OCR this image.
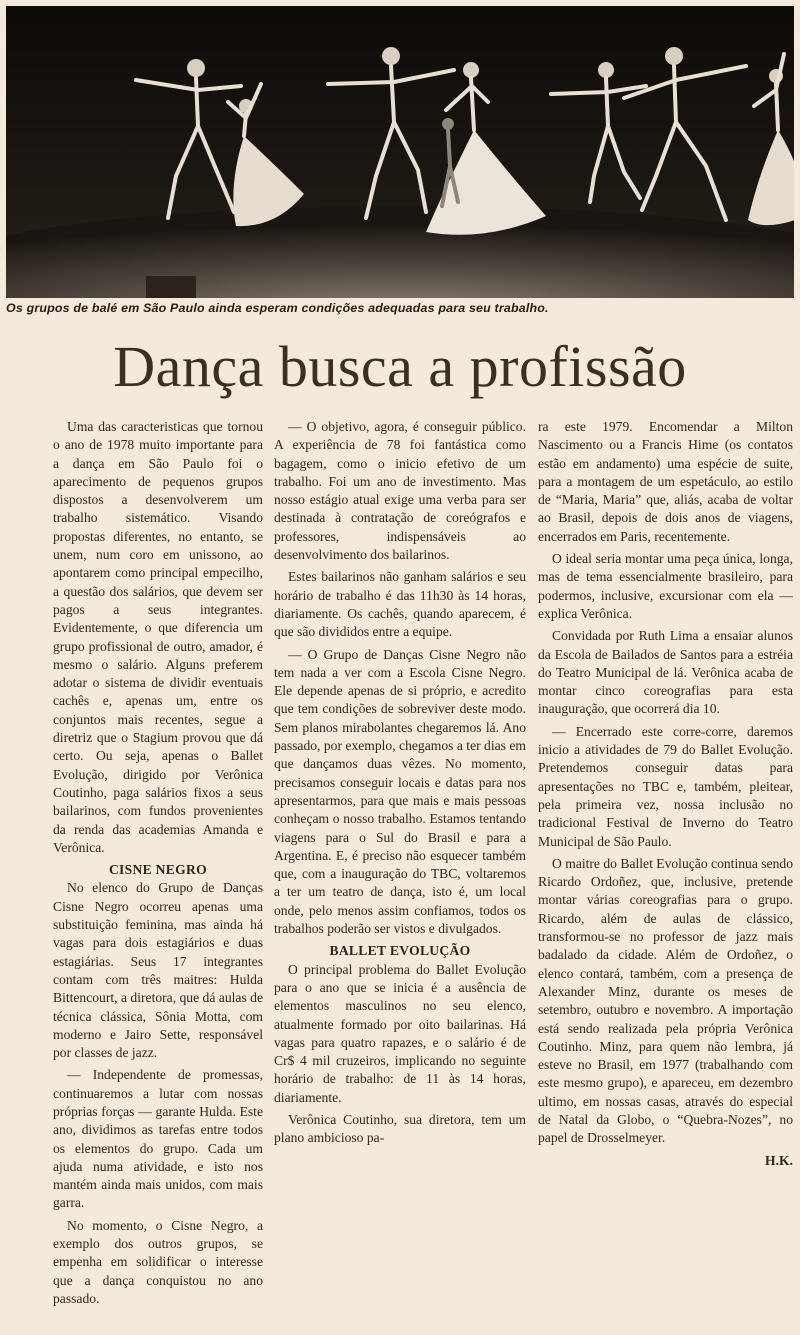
Os grupos de balé em São Paulo ainda esperam condições adequadas para seu trabalho.
Dança busca a profissão

Uma das caracteristicas que tornou o ano de 1978 muito importante para a dança em São Paulo foi o aparecimento de pequenos grupos dispostos a desenvolverem um trabalho sistemático. Visando propostas diferentes, no entanto, se unem, num coro em unissono, ao apontarem como principal empecilho, a questão dos salários, que devem ser pagos a seus integrantes. Evidentemente, o que diferencia um grupo profissional de outro, amador, é mesmo o salário. Alguns preferem adotar o sistema de dividir eventuais cachês e, apenas um, entre os conjuntos mais recentes, segue a diretriz que o Stagium provou que dá certo. Ou seja, apenas o Ballet Evolução, dirigido por Verônica Coutinho, paga salários fixos a seus bailarinos, com fundos provenientes da renda das academias Amanda e Verônica.

CISNE NEGRO

No elenco do Grupo de Danças Cisne Negro ocorreu apenas uma substituição feminina, mas ainda há vagas para dois estagiários e duas estagiárias. Seus 17 integrantes contam com três maitres: Hulda Bittencourt, a diretora, que dá aulas de técnica clássica, Sônia Motta, com moderno e Jairo Sette, responsável por classes de jazz.

— Independente de promessas, continuaremos a lutar com nossas próprias forças — garante Hulda. Este ano, dividimos as tarefas entre todos os elementos do grupo. Cada um ajuda numa atividade, e isto nos mantém ainda mais unidos, com mais garra.

No momento, o Cisne Negro, a exemplo dos outros grupos, se empenha em solidificar o interesse que a dança conquistou no ano passado.

— O objetivo, agora, é conseguir público. A experiência de 78 foi fantástica como bagagem, como o inicio efetivo de um trabalho. Foi um ano de investimento. Mas nosso estágio atual exige uma verba para ser destinada à contratação de coreógrafos e professores, indispensáveis ao desenvolvimento dos bailarinos.

Estes bailarinos não ganham salários e seu horário de trabalho é das 11h30 às 14 horas, diariamente. Os cachês, quando aparecem, é que são divididos entre a equipe.

— O Grupo de Danças Cisne Negro não tem nada a ver com a Escola Cisne Negro. Ele depende apenas de si próprio, e acredito que tem condições de sobreviver deste modo. Sem planos mirabolantes chegaremos lá. Ano passado, por exemplo, chegamos a ter dias em que dançamos duas vêzes. No momento, precisamos conseguir locais e datas para nos apresentarmos, para que mais e mais pessoas conheçam o nosso trabalho. Estamos tentando viagens para o Sul do Brasil e para a Argentina. E, é preciso não esquecer também que, com a inauguração do TBC, voltaremos a ter um teatro de dança, isto é, um local onde, pelo menos assim confiamos, todos os trabalhos poderão ser vistos e divulgados.

BALLET EVOLUÇÃO

O principal problema do Ballet Evolução para o ano que se inicia é a ausência de elementos masculinos no seu elenco, atualmente formado por oito bailarinas. Há vagas para quatro rapazes, e o salário é de Cr$ 4 mil cruzeiros, implicando no seguinte horário de trabalho: de 11 às 14 horas, diariamente.

Verônica Coutinho, sua diretora, tem um plano ambicioso pa-

ra este 1979. Encomendar a Milton Nascimento ou a Francis Hime (os contatos estão em andamento) uma espécie de suite, para a montagem de um espetáculo, ao estilo de “Maria, Maria” que, aliás, acaba de voltar ao Brasil, depois de dois anos de viagens, encerrados em Paris, recentemente.

O ideal seria montar uma peça única, longa, mas de tema essencialmente brasileiro, para podermos, inclusive, excursionar com ela — explica Verônica.

Convidada por Ruth Lima a ensaiar alunos da Escola de Bailados de Santos para a estréia do Teatro Municipal de lá. Verônica acaba de montar cinco coreografias para esta inauguração, que ocorrerá dia 10.

— Encerrado este corre-corre, daremos inicio a atividades de 79 do Ballet Evolução. Pretendemos conseguir datas para apresentações no TBC e, também, pleitear, pela primeira vez, nossa inclusão no tradicional Festival de Inverno do Teatro Municipal de São Paulo.

O maitre do Ballet Evolução continua sendo Ricardo Ordoñez, que, inclusive, pretende montar várias coreografias para o grupo. Ricardo, além de aulas de clássico, transformou-se no professor de jazz mais badalado da cidade. Além de Ordoñez, o elenco contará, também, com a presença de Alexander Minz, durante os meses de setembro, outubro e novembro. A importação está sendo realizada pela própria Verônica Coutinho. Minz, para quem não lembra, já esteve no Brasil, em 1977 (trabalhando com este mesmo grupo), e apareceu, em dezembro ultimo, em nossas casas, através do especial de Natal da Globo, o “Quebra-Nozes”, no papel de Drosselmeyer.

H.K.
